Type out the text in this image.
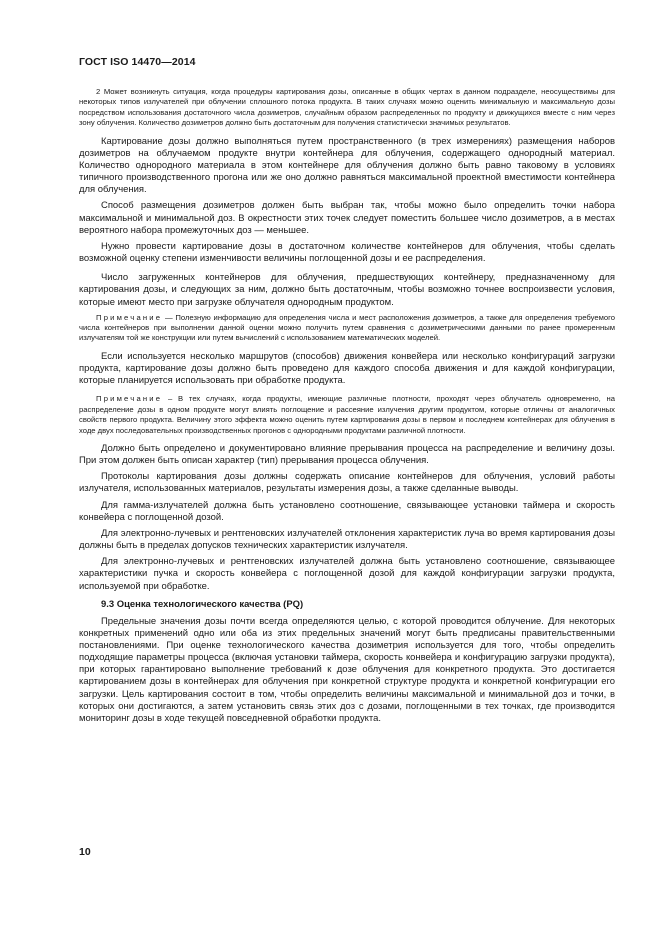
ГОСТ ISO 14470—2014

2 Может возникнуть ситуация, когда процедуры картирования дозы, описанные в общих чертах в данном подразделе, неосуществимы для некоторых типов излучателей при облучении сплошного потока продукта. В таких случаях можно оценить минимальную и максимальную дозы посредством использования достаточного числа дозиметров, случайным образом распределенных по продукту и движущихся вместе с ним через зону облучения. Количество дозиметров должно быть достаточным для получения статистически значимых результатов.

Картирование дозы должно выполняться путем пространственного (в трех измерениях) размещения наборов дозиметров на облучаемом продукте внутри контейнера для облучения, содержащего однородный материал. Количество однородного материала в этом контейнере для облучения должно быть равно таковому в условиях типичного производственного прогона или же оно должно равняться максимальной проектной вместимости контейнера для облучения.

Способ размещения дозиметров должен быть выбран так, чтобы можно было определить точки набора максимальной и минимальной доз. В окрестности этих точек следует поместить большее число дозиметров, а в местах вероятного набора промежуточных доз — меньшее.

Нужно провести картирование дозы в достаточном количестве контейнеров для облучения, чтобы сделать возможной оценку степени изменчивости величины поглощенной дозы и ее распределения.

Число загруженных контейнеров для облучения, предшествующих контейнеру, предназначенному для картирования дозы, и следующих за ним, должно быть достаточным, чтобы возможно точнее воспроизвести условия, которые имеют место при загрузке облучателя однородным продуктом.

Примечание — Полезную информацию для определения числа и мест расположения дозиметров, а также для определения требуемого числа контейнеров при выполнении данной оценки можно получить путем сравнения с дозиметрическими данными по ранее промеренным излучателям той же конструкции или путем вычислений с использованием математических моделей.

Если используется несколько маршрутов (способов) движения конвейера или несколько конфигураций загрузки продукта, картирование дозы должно быть проведено для каждого способа движения и для каждой конфигурации, которые планируется использовать при обработке продукта.

Примечание – В тех случаях, когда продукты, имеющие различные плотности, проходят через облучатель одновременно, на распределение дозы в одном продукте могут влиять поглощение и рассеяние излучения другим продуктом, которые отличны от аналогичных свойств первого продукта. Величину этого эффекта можно оценить путем картирования дозы в первом и последнем контейнерах для облучения в ходе двух последовательных производственных прогонов с однородными продуктами различной плотности.

Должно быть определено и документировано влияние прерывания процесса на распределение и величину дозы. При этом должен быть описан характер (тип) прерывания процесса облучения.

Протоколы картирования дозы должны содержать описание контейнеров для облучения, условий работы излучателя, использованных материалов, результаты измерения дозы, а также сделанные выводы.

Для гамма-излучателей должна быть установлено соотношение, связывающее установки таймера и скорость конвейера с поглощенной дозой.

Для электронно-лучевых и рентгеновских излучателей отклонения характеристик луча во время картирования дозы должны быть в пределах допусков технических характеристик излучателя.

Для электронно-лучевых и рентгеновских излучателей должна быть установлено соотношение, связывающее характеристики пучка и скорость конвейера с поглощенной дозой для каждой конфигурации загрузки продукта, используемой при обработке.

9.3 Оценка технологического качества (PQ)

Предельные значения дозы почти всегда определяются целью, с которой проводится облучение. Для некоторых конкретных применений одно или оба из этих предельных значений могут быть предписаны правительственными постановлениями. При оценке технологического качества дозиметрия используется для того, чтобы определить подходящие параметры процесса (включая установки таймера, скорость конвейера и конфигурацию загрузки продукта), при которых гарантировано выполнение требований к дозе облучения для конкретного продукта. Это достигается картированием дозы в контейнерах для облучения при конкретной структуре продукта и конкретной конфигурации его загрузки. Цель картирования состоит в том, чтобы определить величины максимальной и минимальной доз и точки, в которых они достигаются, а затем установить связь этих доз с дозами, поглощенными в тех точках, где производится мониторинг дозы в ходе текущей повседневной обработки продукта.

10
